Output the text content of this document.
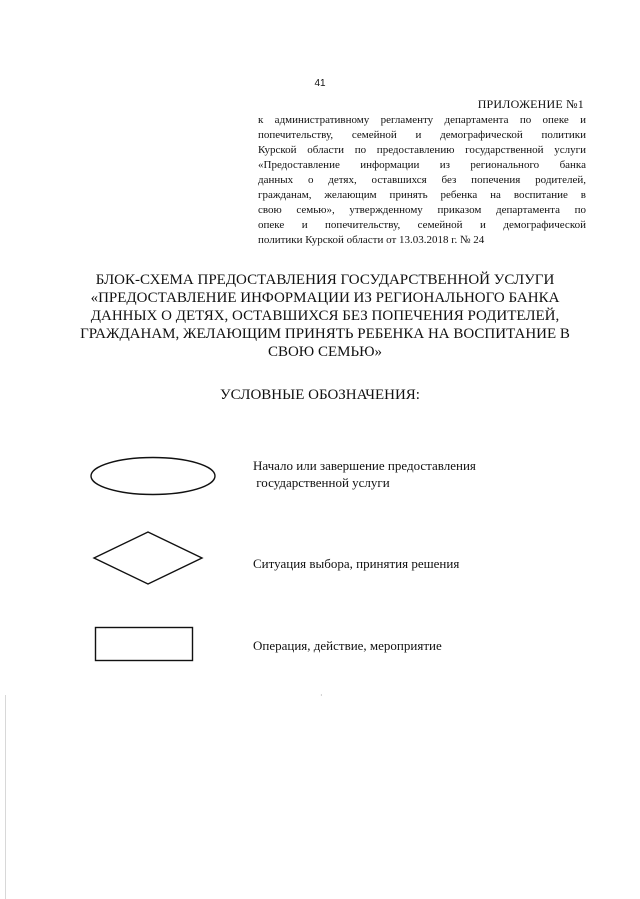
41
ПРИЛОЖЕНИЕ №1
к административному регламенту департамента по опеке и
попечительству, семейной и демографической политики
Курской области по предоставлению государственной услуги
«Предоставление информации из регионального банка
данных о детях, оставшихся без попечения родителей,
гражданам, желающим принять ребенка на воспитание в
свою семью», утвержденному приказом департамента по
опеке и попечительству, семейной и демографической
политики Курской области от 13.03.2018 г. № 24
БЛОК-СХЕМА ПРЕДОСТАВЛЕНИЯ ГОСУДАРСТВЕННОЙ УСЛУГИ
«ПРЕДОСТАВЛЕНИЕ ИНФОРМАЦИИ ИЗ РЕГИОНАЛЬНОГО БАНКА
ДАННЫХ О ДЕТЯХ, ОСТАВШИХСЯ БЕЗ ПОПЕЧЕНИЯ РОДИТЕЛЕЙ,
ГРАЖДАНАМ, ЖЕЛАЮЩИМ ПРИНЯТЬ РЕБЕНКА НА ВОСПИТАНИЕ В
СВОЮ СЕМЬЮ»
УСЛОВНЫЕ ОБОЗНАЧЕНИЯ:
Начало или завершение предоставления
государственной услуги
Ситуация выбора, принятия решения
Операция, действие, мероприятие
·
